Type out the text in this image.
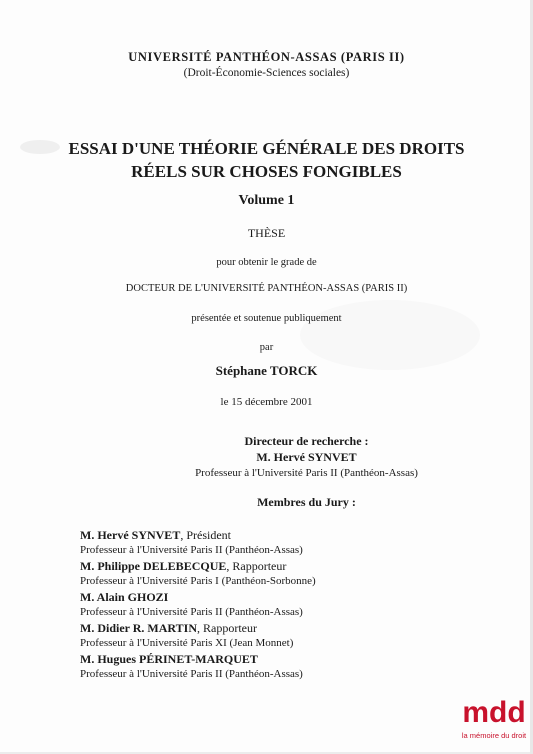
UNIVERSITÉ PANTHÉON-ASSAS (PARIS II)
(Droit-Économie-Sciences sociales)
ESSAI D'UNE THÉORIE GÉNÉRALE DES DROITS
RÉELS SUR CHOSES FONGIBLES
Volume 1
THÈSE
pour obtenir le grade de
DOCTEUR DE L'UNIVERSITÉ PANTHÉON-ASSAS (PARIS II)
présentée et soutenue publiquement
par
Stéphane TORCK
le 15 décembre 2001
Directeur de recherche :
M. Hervé SYNVET
Professeur à l'Université Paris II (Panthéon-Assas)
Membres du Jury :
M. Hervé SYNVET, Président
Professeur à l'Université Paris II (Panthéon-Assas)
M. Philippe DELEBECQUE, Rapporteur
Professeur à l'Université Paris I (Panthéon-Sorbonne)
M. Alain GHOZI
Professeur à l'Université Paris II (Panthéon-Assas)
M. Didier R. MARTIN, Rapporteur
Professeur à l'Université Paris XI (Jean Monnet)
M. Hugues PÉRINET-MARQUET
Professeur à l'Université Paris II (Panthéon-Assas)
mdd
la mémoire du droit
